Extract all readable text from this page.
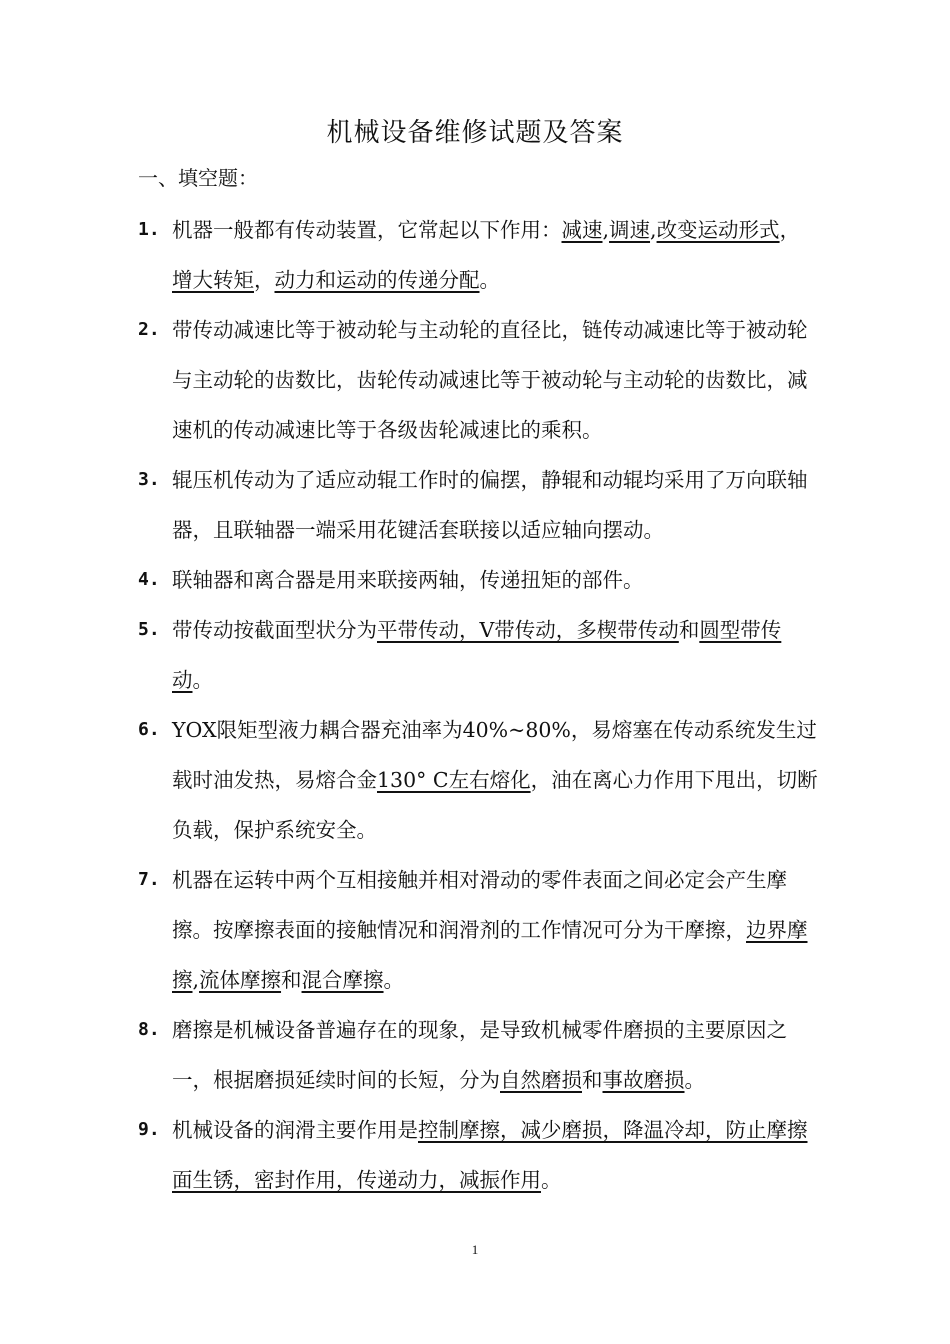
机械设备维修试题及答案
一、填空题：
1. 机器一般都有传动装置，它常起以下作用：减速,调速,改变运动形式，增大转矩，动力和运动的传递分配。
2. 带传动减速比等于被动轮与主动轮的直径比，链传动减速比等于被动轮与主动轮的齿数比，齿轮传动减速比等于被动轮与主动轮的齿数比，减速机的传动减速比等于各级齿轮减速比的乘积。
3. 辊压机传动为了适应动辊工作时的偏摆，静辊和动辊均采用了万向联轴器，且联轴器一端采用花键活套联接以适应轴向摆动。
4. 联轴器和离合器是用来联接两轴，传递扭矩的部件。
5. 带传动按截面型状分为平带传动，V带传动，多楔带传动和圆型带传动。
6. YOX限矩型液力耦合器充油率为40%~80%，易熔塞在传动系统发生过载时油发热，易熔合金130° C左右熔化，油在离心力作用下甩出，切断负载，保护系统安全。
7. 机器在运转中两个互相接触并相对滑动的零件表面之间必定会产生摩擦。按摩擦表面的接触情况和润滑剂的工作情况可分为干摩擦，边界摩擦,流体摩擦和混合摩擦。
8. 磨擦是机械设备普遍存在的现象，是导致机械零件磨损的主要原因之一，根据磨损延续时间的长短，分为自然磨损和事故磨损。
9. 机械设备的润滑主要作用是控制摩擦，减少磨损，降温冷却，防止摩擦面生锈，密封作用，传递动力，减振作用。
1
